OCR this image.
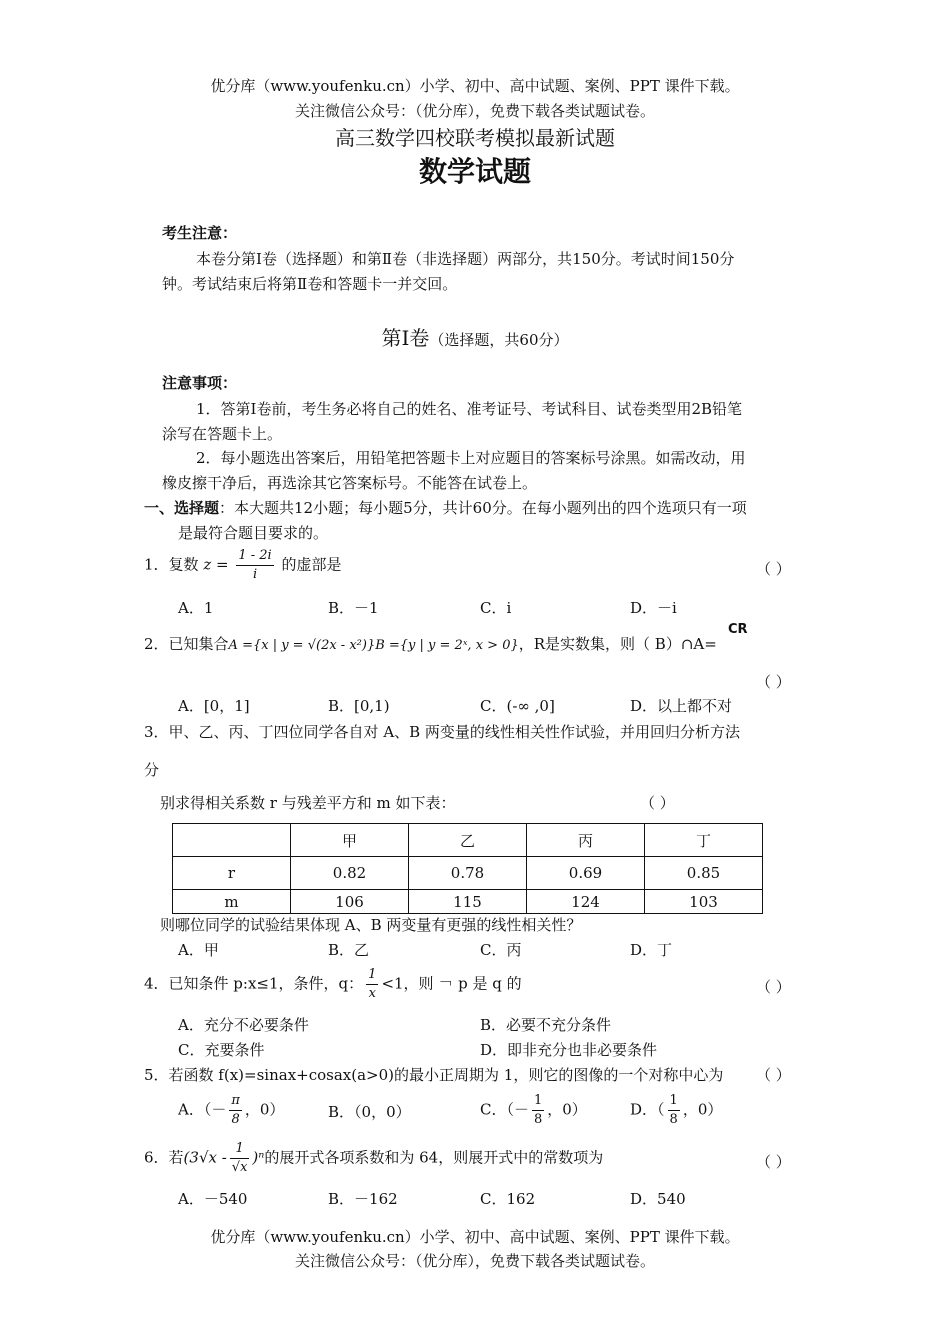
优分库（www.youfenku.cn）小学、初中、高中试题、案例、PPT 课件下载。
关注微信公众号：（优分库），免费下载各类试题试卷。
高三数学四校联考模拟最新试题
数学试题
考生注意：
本卷分第Ⅰ卷（选择题）和第Ⅱ卷（非选择题）两部分，共150分。考试时间150分
钟。考试结束后将第Ⅱ卷和答题卡一并交回。
第Ⅰ卷（选择题，共60分）
注意事项：
1．答第Ⅰ卷前，考生务必将自己的姓名、准考证号、考试科目、试卷类型用2B铅笔
涂写在答题卡上。
2．每小题选出答案后，用铅笔把答题卡上对应题目的答案标号涂黑。如需改动，用
橡皮擦干净后，再选涂其它答案标号。不能答在试卷上。
一、选择题：本大题共12小题；每小题5分，共计60分。在每小题列出的四个选项只有一项
是最符合题目要求的。
1．复数 $z = \frac{1 - 2i}{i}$ 的虚部是	（ ）
A．1	B．－1	C．i	D．－i
2．已知集合A ={x | y = √(2x - x²)}B ={y | y = 2ˣ, x > 0}，R是实数集，则（ B）∩A=
CR
（ ）
A．[0，1]	B．[0,1)	C．(-∞ ,0]	D．以上都不对
3．甲、乙、丙、丁四位同学各自对 A、B 两变量的线性相关性作试验，并用回归分析方法
分
别求得相关系数 r 与残差平方和 m 如下表：	（ ）
	甲	乙	丙	丁
r	0.82	0.78	0.69	0.85
m	106	115	124	103
则哪位同学的试验结果体现 A、B 两变量有更强的线性相关性？
A．甲	B．乙	C．丙	D．丁
4．已知条件 p:x≤1，条件，q： $\frac{1}{x} <1$，则 ￢ p 是 q 的	（ ）
A．充分不必要条件	B．必要不充分条件
C．充要条件	D．即非充分也非必要条件
5．若函数 f(x)=sinax+cosax(a>0)的最小正周期为 1，则它的图像的一个对称中心为 （ ）
A．（－ $\frac{\pi}{8}$ ，0）	B．（0，0）	C．（－ $\frac{1}{8}$ ，0）	D．（ $\frac{1}{8}$ ，0）
6．若$(3√x - \frac{1}{√x} )^n$的展开式各项系数和为 64，则展开式中的常数项为	（ ）
A．－540	B．－162	C．162	D．540
优分库（www.youfenku.cn）小学、初中、高中试题、案例、PPT 课件下载。
关注微信公众号：（优分库），免费下载各类试题试卷。
